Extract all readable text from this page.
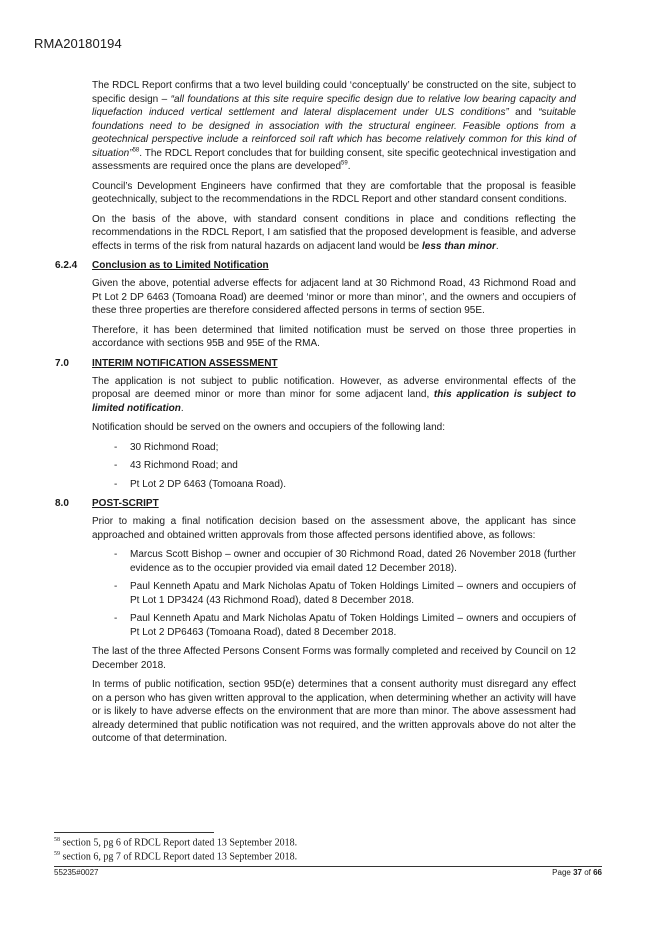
RMA20180194

The RDCL Report confirms that a two level building could ‘conceptually’ be constructed on the site, subject to specific design – “all foundations at this site require specific design due to relative low bearing capacity and liquefaction induced vertical settlement and lateral displacement under ULS conditions” and “suitable foundations need to be designed in association with the structural engineer. Feasible options from a geotechnical perspective include a reinforced soil raft which has become relatively common for this kind of situation”$^{58}$. The RDCL Report concludes that for building consent, site specific geotechnical investigation and assessments are required once the plans are developed$^{59}$.

Council’s Development Engineers have confirmed that they are comfortable that the proposal is feasible geotechnically, subject to the recommendations in the RDCL Report and other standard consent conditions.

On the basis of the above, with standard consent conditions in place and conditions reflecting the recommendations in the RDCL Report, I am satisfied that the proposed development is feasible, and adverse effects in terms of the risk from natural hazards on adjacent land would be less than minor.

6.2.4 Conclusion as to Limited Notification

Given the above, potential adverse effects for adjacent land at 30 Richmond Road, 43 Richmond Road and Pt Lot 2 DP 6463 (Tomoana Road) are deemed ‘minor or more than minor’, and the owners and occupiers of these three properties are therefore considered affected persons in terms of section 95E.

Therefore, it has been determined that limited notification must be served on those three properties in accordance with sections 95B and 95E of the RMA.

7.0 INTERIM NOTIFICATION ASSESSMENT

The application is not subject to public notification. However, as adverse environmental effects of the proposal are deemed minor or more than minor for some adjacent land, this application is subject to limited notification.

Notification should be served on the owners and occupiers of the following land:

- 30 Richmond Road;
- 43 Richmond Road; and
- Pt Lot 2 DP 6463 (Tomoana Road).
8.0 POST-SCRIPT

Prior to making a final notification decision based on the assessment above, the applicant has since approached and obtained written approvals from those affected persons identified above, as follows:

- Marcus Scott Bishop – owner and occupier of 30 Richmond Road, dated 26 November 2018 (further evidence as to the occupier provided via email dated 12 December 2018).
- Paul Kenneth Apatu and Mark Nicholas Apatu of Token Holdings Limited – owners and occupiers of Pt Lot 1 DP3424 (43 Richmond Road), dated 8 December 2018.
- Paul Kenneth Apatu and Mark Nicholas Apatu of Token Holdings Limited – owners and occupiers of Pt Lot 2 DP6463 (Tomoana Road), dated 8 December 2018.

The last of the three Affected Persons Consent Forms was formally completed and received by Council on 12 December 2018.

In terms of public notification, section 95D(e) determines that a consent authority must disregard any effect on a person who has given written approval to the application, when determining whether an activity will have or is likely to have adverse effects on the environment that are more than minor. The above assessment had already determined that public notification was not required, and the written approvals above do not alter the outcome of that determination.

$^{58}$ section 5, pg 6 of RDCL Report dated 13 September 2018.
$^{59}$ section 6, pg 7 of RDCL Report dated 13 September 2018.
55235#0027	Page 37 of 66
